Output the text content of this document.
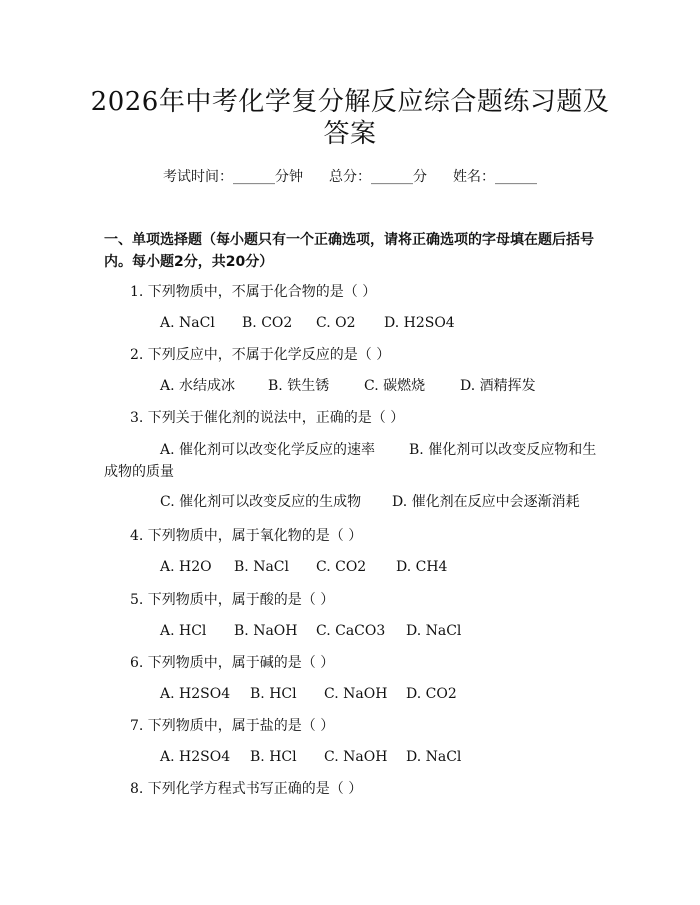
2026年中考化学复分解反应综合题练习题及答案
考试时间：______分钟 总分：______分 姓名：______
一、单项选择题（每小题只有一个正确选项，请将正确选项的字母填在题后括号内。每小题2分，共20分）
1. 下列物质中，不属于化合物的是（ ）
A. NaCl B. CO2 C. O2 D. H2SO4
2. 下列反应中，不属于化学反应的是（ ）
A. 水结成冰 B. 铁生锈 C. 碳燃烧 D. 酒精挥发
3. 下列关于催化剂的说法中，正确的是（ ）
A. 催化剂可以改变化学反应的速率 B. 催化剂可以改变反应物和生成物的质量
C. 催化剂可以改变反应的生成物 D. 催化剂在反应中会逐渐消耗
4. 下列物质中，属于氧化物的是（ ）
A. H2O B. NaCl C. CO2 D. CH4
5. 下列物质中，属于酸的是（ ）
A. HCl B. NaOH C. CaCO3 D. NaCl
6. 下列物质中，属于碱的是（ ）
A. H2SO4 B. HCl C. NaOH D. CO2
7. 下列物质中，属于盐的是（ ）
A. H2SO4 B. HCl C. NaOH D. NaCl
8. 下列化学方程式书写正确的是（ ）
